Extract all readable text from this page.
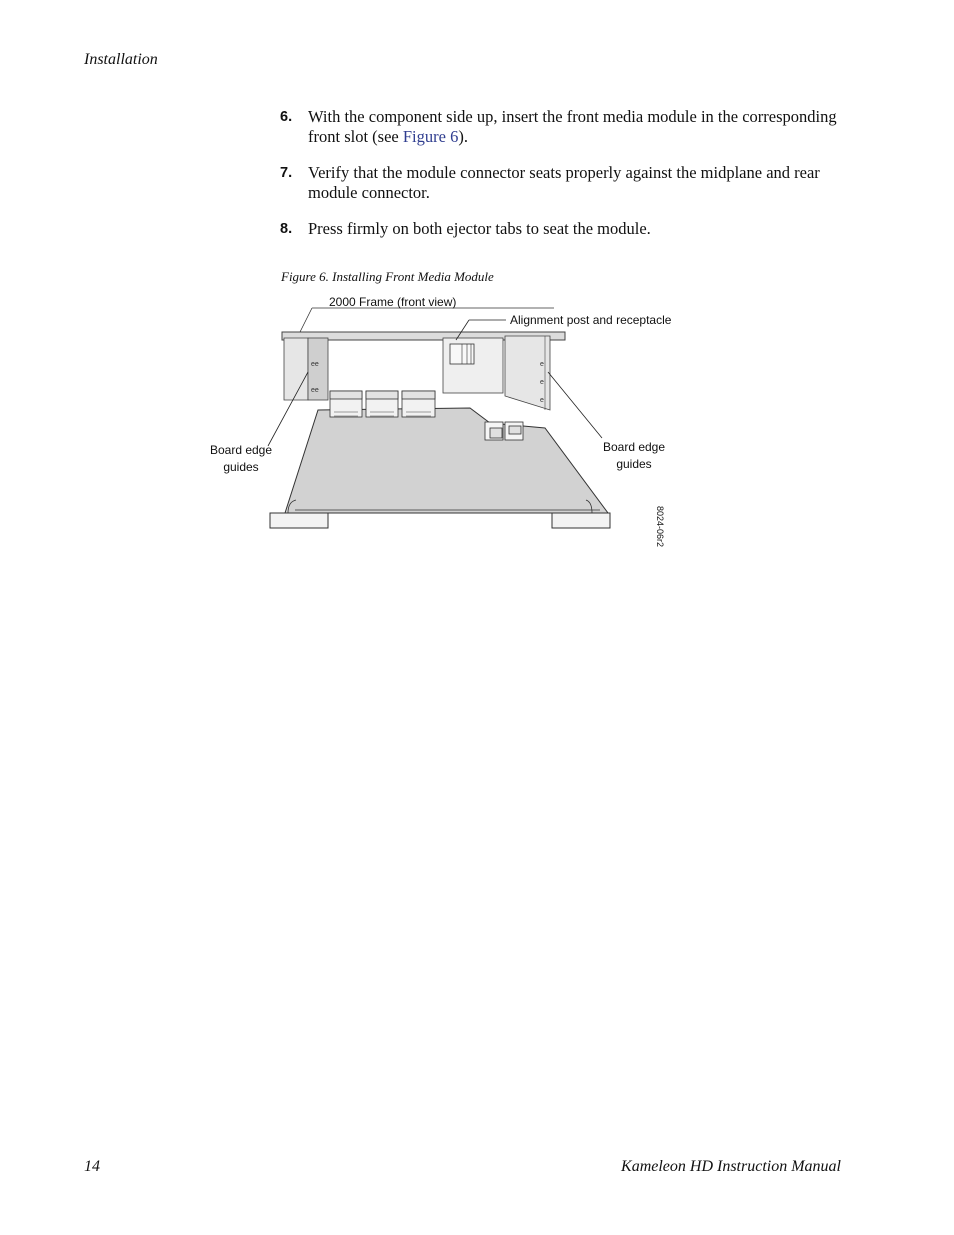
Installation
6. With the component side up, insert the front media module in the corresponding front slot (see Figure 6).
7. Verify that the module connector seats properly against the midplane and rear module connector.
8. Press firmly on both ejector tabs to seat the module.
Figure 6. Installing Front Media Module
ee
ee
e
e
e
2000 Frame (front view)
Alignment post and receptacle
Board edge
guides
Board edge
guides
8024-06r2
14	Kameleon HD Instruction Manual
